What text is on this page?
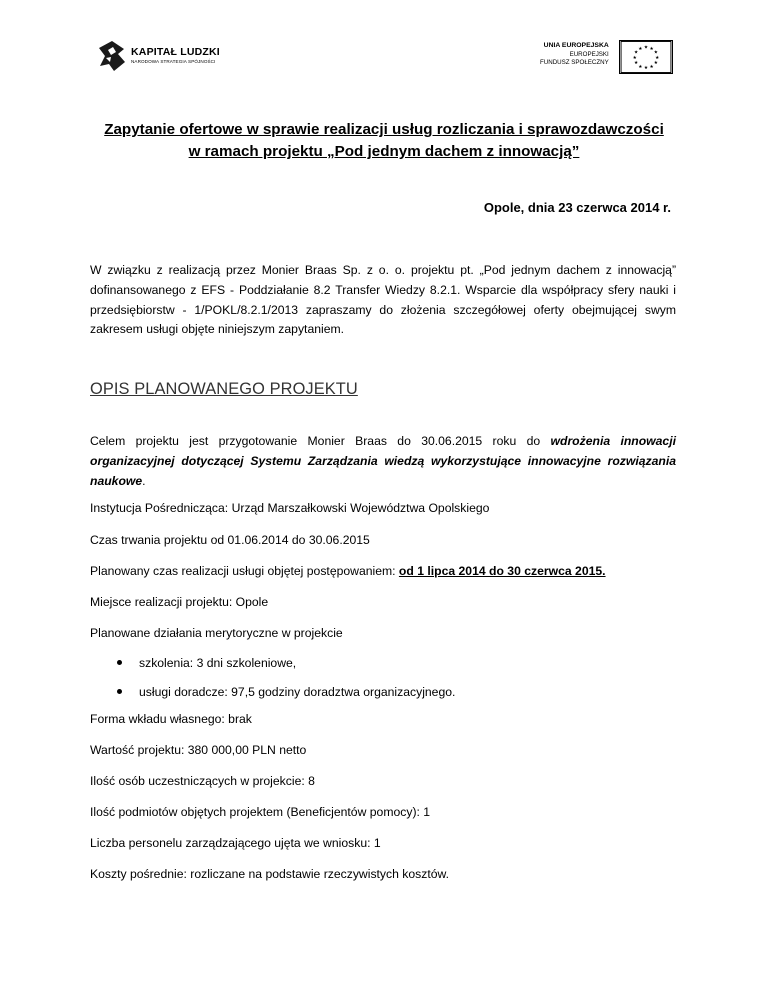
KAPITAŁ LUDZKI
NARODOWA STRATEGIA SPÓJNOŚCI
UNIA EUROPEJSKA
EUROPEJSKI
FUNDUSZ SPOŁECZNY
★ ★
★
★
★
★
★
★
★
★
★
★
Zapytanie ofertowe w sprawie realizacji usług rozliczania i sprawozdawczości
w ramach projektu „Pod jednym dachem z innowacją”
Opole, dnia 23 czerwca 2014 r.
W związku z realizacją przez Monier Braas Sp. z o. o. projektu pt. „Pod jednym dachem z innowacją” dofinansowanego z EFS - Poddziałanie 8.2 Transfer Wiedzy 8.2.1. Wsparcie dla współpracy sfery nauki i przedsiębiorstw - 1/POKL/8.2.1/2013 zapraszamy do złożenia szczegółowej oferty obejmującej swym zakresem usługi objęte niniejszym zapytaniem.
OPIS PLANOWANEGO PROJEKTU
Celem projektu jest przygotowanie Monier Braas do 30.06.2015 roku do wdrożenia innowacji organizacyjnej dotyczącej Systemu Zarządzania wiedzą wykorzystujące innowacyjne rozwiązania naukowe.
Instytucja Pośrednicząca: Urząd Marszałkowski Województwa Opolskiego
Czas trwania projektu od 01.06.2014 do 30.06.2015
Planowany czas realizacji usługi objętej postępowaniem: od 1 lipca 2014 do 30 czerwca 2015.
Miejsce realizacji projektu: Opole
Planowane działania merytoryczne w projekcie
szkolenia: 3 dni szkoleniowe,
usługi doradcze: 97,5 godziny doradztwa organizacyjnego.
Forma wkładu własnego: brak
Wartość projektu: 380 000,00 PLN netto
Ilość osób uczestniczących w projekcie: 8
Ilość podmiotów objętych projektem (Beneficjentów pomocy): 1
Liczba personelu zarządzającego ujęta we wniosku: 1
Koszty pośrednie: rozliczane na podstawie rzeczywistych kosztów.
